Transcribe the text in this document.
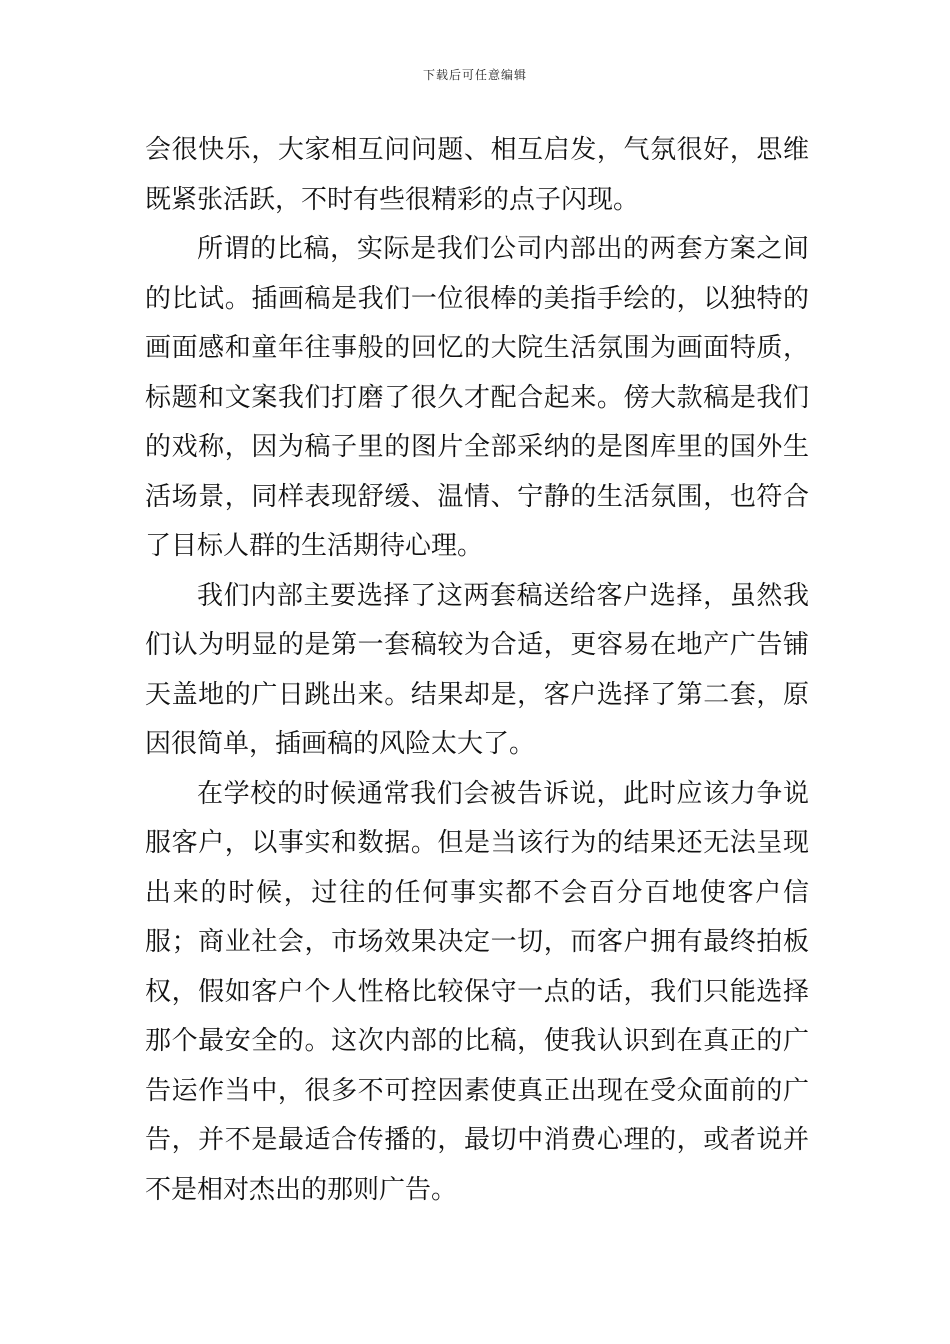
下载后可任意编辑

会很快乐，大家相互问问题、相互启发，气氛很好，思维既紧张活跃，不时有些很精彩的点子闪现。

所谓的比稿，实际是我们公司内部出的两套方案之间的比试。插画稿是我们一位很棒的美指手绘的，以独特的画面感和童年往事般的回忆的大院生活氛围为画面特质，标题和文案我们打磨了很久才配合起来。傍大款稿是我们的戏称，因为稿子里的图片全部采纳的是图库里的国外生活场景，同样表现舒缓、温情、宁静的生活氛围，也符合了目标人群的生活期待心理。

我们内部主要选择了这两套稿送给客户选择，虽然我们认为明显的是第一套稿较为合适，更容易在地产广告铺天盖地的广日跳出来。结果却是，客户选择了第二套，原因很简单，插画稿的风险太大了。

在学校的时候通常我们会被告诉说，此时应该力争说服客户，以事实和数据。但是当该行为的结果还无法呈现出来的时候，过往的任何事实都不会百分百地使客户信服；商业社会，市场效果决定一切，而客户拥有最终拍板权，假如客户个人性格比较保守一点的话，我们只能选择那个最安全的。这次内部的比稿，使我认识到在真正的广告运作当中，很多不可控因素使真正出现在受众面前的广告，并不是最适合传播的，最切中消费心理的，或者说并不是相对杰出的那则广告。
